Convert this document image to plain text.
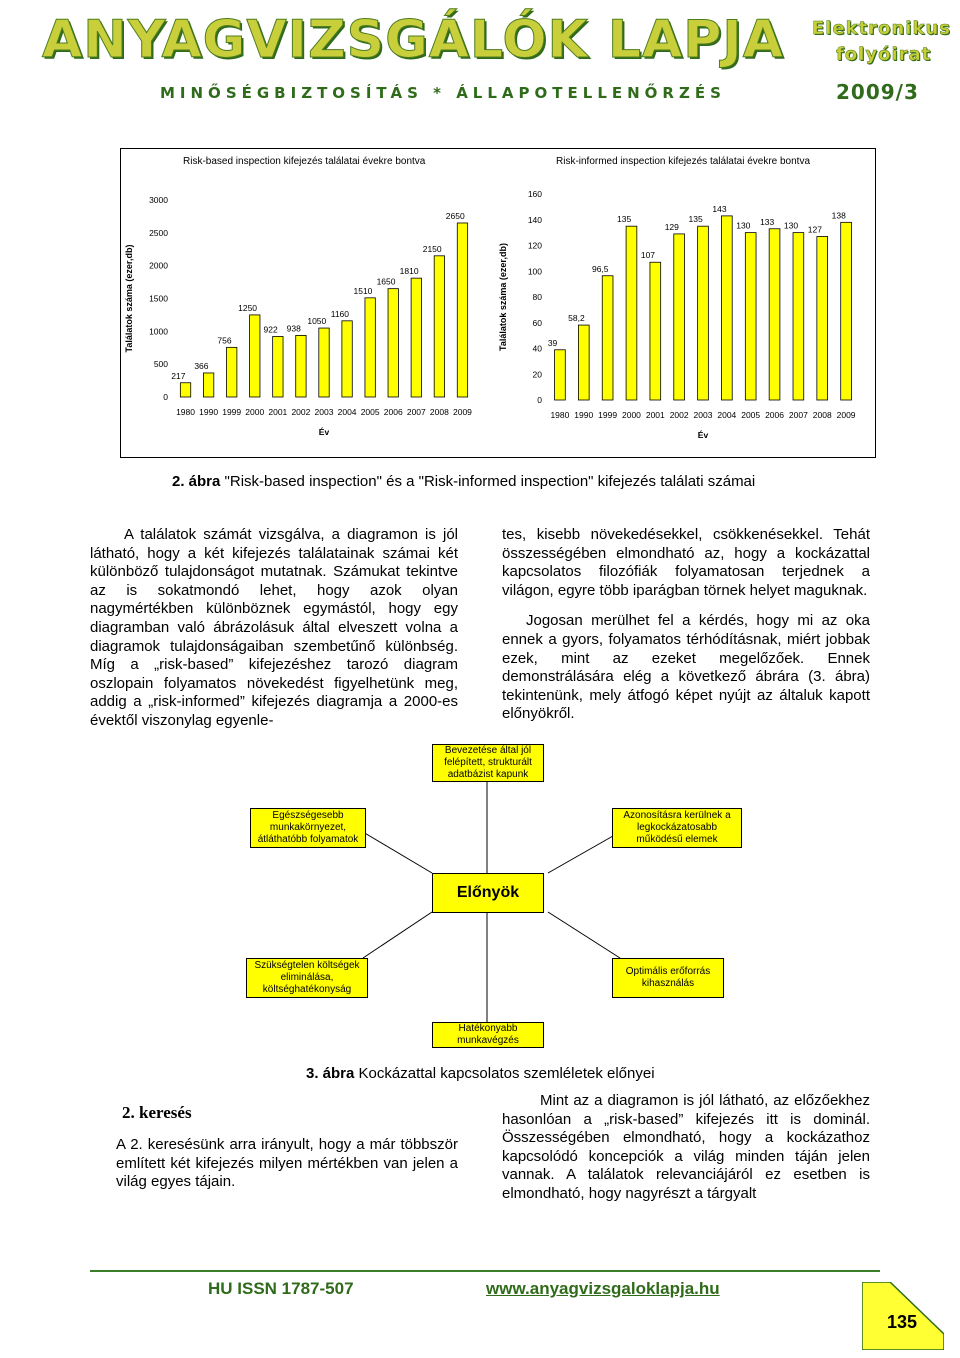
ANYAGVIZSGÁLÓK LAPJA
MINŐSÉGBIZTOSÍTÁS * ÁLLAPOTELLENŐRZÉS
Elektronikus
folyóirat
2009/3
Risk-based inspection kifejezés találatai évekre bontva	Risk-informed inspection kifejezés találatai évekre bontva
Találatok száma (ezer,db)
0
500
1000
1500
2000
2500
3000
217
1980
366
1990
756
1999
1250
2000
922
2001
938
2002
1050
2003
1160
2004
1510
2005
1650
2006
1810
2007
2150
2008
2650
2009
Év
Találatok száma (ezer,db)
0
20
40
60
80
100
120
140
160
39
1980
58,2
1990
96,5
1999
135
2000
107
2001
129
2002
135
2003
143
2004
130
2005
133
2006
130
2007
127
2008
138
2009
Év
2. ábra "Risk-based inspection" és a "Risk-informed inspection" kifejezés találati számai

A találatok számát vizsgálva, a diagramon is jól látható, hogy a két kifejezés találatainak számai két különböző tulajdonságot mutatnak. Számukat tekintve az is sokatmondó lehet, hogy azok olyan nagymértékben különböznek egymástól, hogy egy diagramban való ábrázolásuk által elveszett volna a diagramok tulajdonságaiban szembetűnő különbség. Míg a „risk-based” kifejezéshez tarozó diagram oszlopain folyamatos növekedést figyelhetünk meg, addig a „risk-informed” kifejezés diagramja a 2000-es évektől viszonylag egyenle-

tes, kisebb növekedésekkel, csökkenésekkel. Tehát összességében elmondható az, hogy a kockázattal kapcsolatos filozófiák folyamatosan terjednek a világon, egyre több iparágban törnek helyet maguknak.

Jogosan merülhet fel a kérdés, hogy mi az oka ennek a gyors, folyamatos térhódításnak, miért jobbak ezek, mint az ezeket megelőzőek. Ennek demonstrálására elég a következő ábrára (3. ábra) tekintenünk, mely átfogó képet nyújt az általuk kapott előnyökről.

Bevezetése által jól felépített, strukturált adatbázist kapunk
Egészségesebb munkakörnyezet, átláthatóbb folyamatok
Azonosításra kerülnek a legkockázatosabb működésű elemek
Előnyök
Szükségtelen költségek eliminálása, költséghatékonyság
Optimális erőforrás kihasználás
Hatékonyabb munkavégzés
3. ábra Kockázattal kapcsolatos szemléletek előnyei
2. keresés

A 2. keresésünk arra irányult, hogy a már többször említett két kifejezés milyen mértékben van jelen a világ egyes tájain.

Mint az a diagramon is jól látható, az előzőekhez hasonlóan a „risk-based” kifejezés itt is dominál. Összességében elmondható, hogy a kockázathoz kapcsolódó koncepciók a világ minden táján jelen vannak. A találatok relevanciájáról ez esetben is elmondható, hogy nagyrészt a tárgyalt

HU ISSN 1787-507	www.anyagvizsgaloklapja.hu
135
